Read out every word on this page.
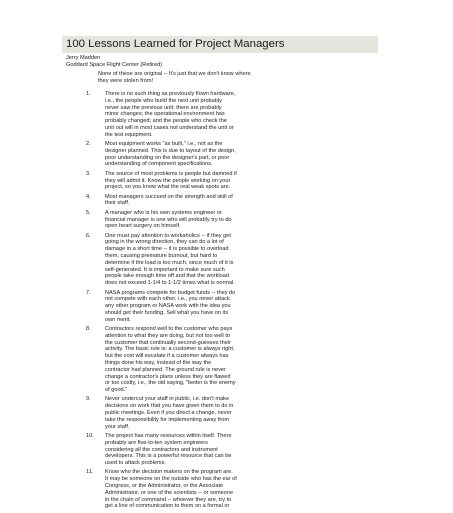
100 Lessons Learned for Project Managers
Jerry Madden
Goddard Space Flight Center (Retired)
None of these are original -- It's just that we don't know where
they were stolen from!
1.	There is no such thing as previously flown hardware,
i.e., the people who build the next unit probably
never saw the previous unit; there are probably
minor changes; the operational environment has
probably changed; and the people who check the
unit out will in most cases not understand the unit or
the test equipment.
2.	Most equipment works "as built," i.e., not as the
designer planned. This is due to layout of the design,
poor understanding on the designer's part, or poor
understanding of component specifications.
3.	The source of most problems is people but damned if
they will admit it. Know the people working on your
project, so you know what the real weak spots are.
4.	Most managers succeed on the strength and skill of
their staff.
5.	A manager who is his own systems engineer or
financial manager is one who will probably try to do
open heart surgery on himself.
6.	One must pay attention to workaholics -- if they get
going in the wrong direction, they can do a lot of
damage in a short time -- it is possible to overload
them, causing premature burnout, but hard to
determine if the load is too much, since much of it is
self-generated. It is important to make sure such
people take enough time off and that the workload
does not exceed 1-1/4 to 1-1/2 times what is normal.
7.	NASA programs compete for budget funds -- they do
not compete with each other, i.e., you never attack
any other program or NASA work with the idea you
should get their funding. Sell what you have on its
own merit.
8.	Contractors respond well to the customer who pays
attention to what they are doing, but not too well to
the customer that continually second-guesses their
activity. The basic rule is: a customer is always right,
but the cost will escalate if a customer always has
things done his way, instead of the way the
contractor had planned. The ground rule is never
change a contractor's plans unless they are flawed
or too costly, i.e., the old saying, "better is the enemy
of good."
9.	Never undercut your staff in public, i.e. don't make
decisions on work that you have given them to do in
public meetings. Even if you direct a change, never
take the responsibility for implementing away from
your staff.
10.	The project has many resources within itself. There
probably are five-to-ten system engineers
considering all the contractors and instrument
developers. This is a powerful resource that can be
used to attack problems.
11.	Know who the decision makers on the program are.
It may be someone on the outside who has the ear of
Congress, or the Administrator, or the Associate
Administrator, or one of the scientists -- or someone
in the chain of command -- whoever they are, try to
get a line of communication to them on a formal or
